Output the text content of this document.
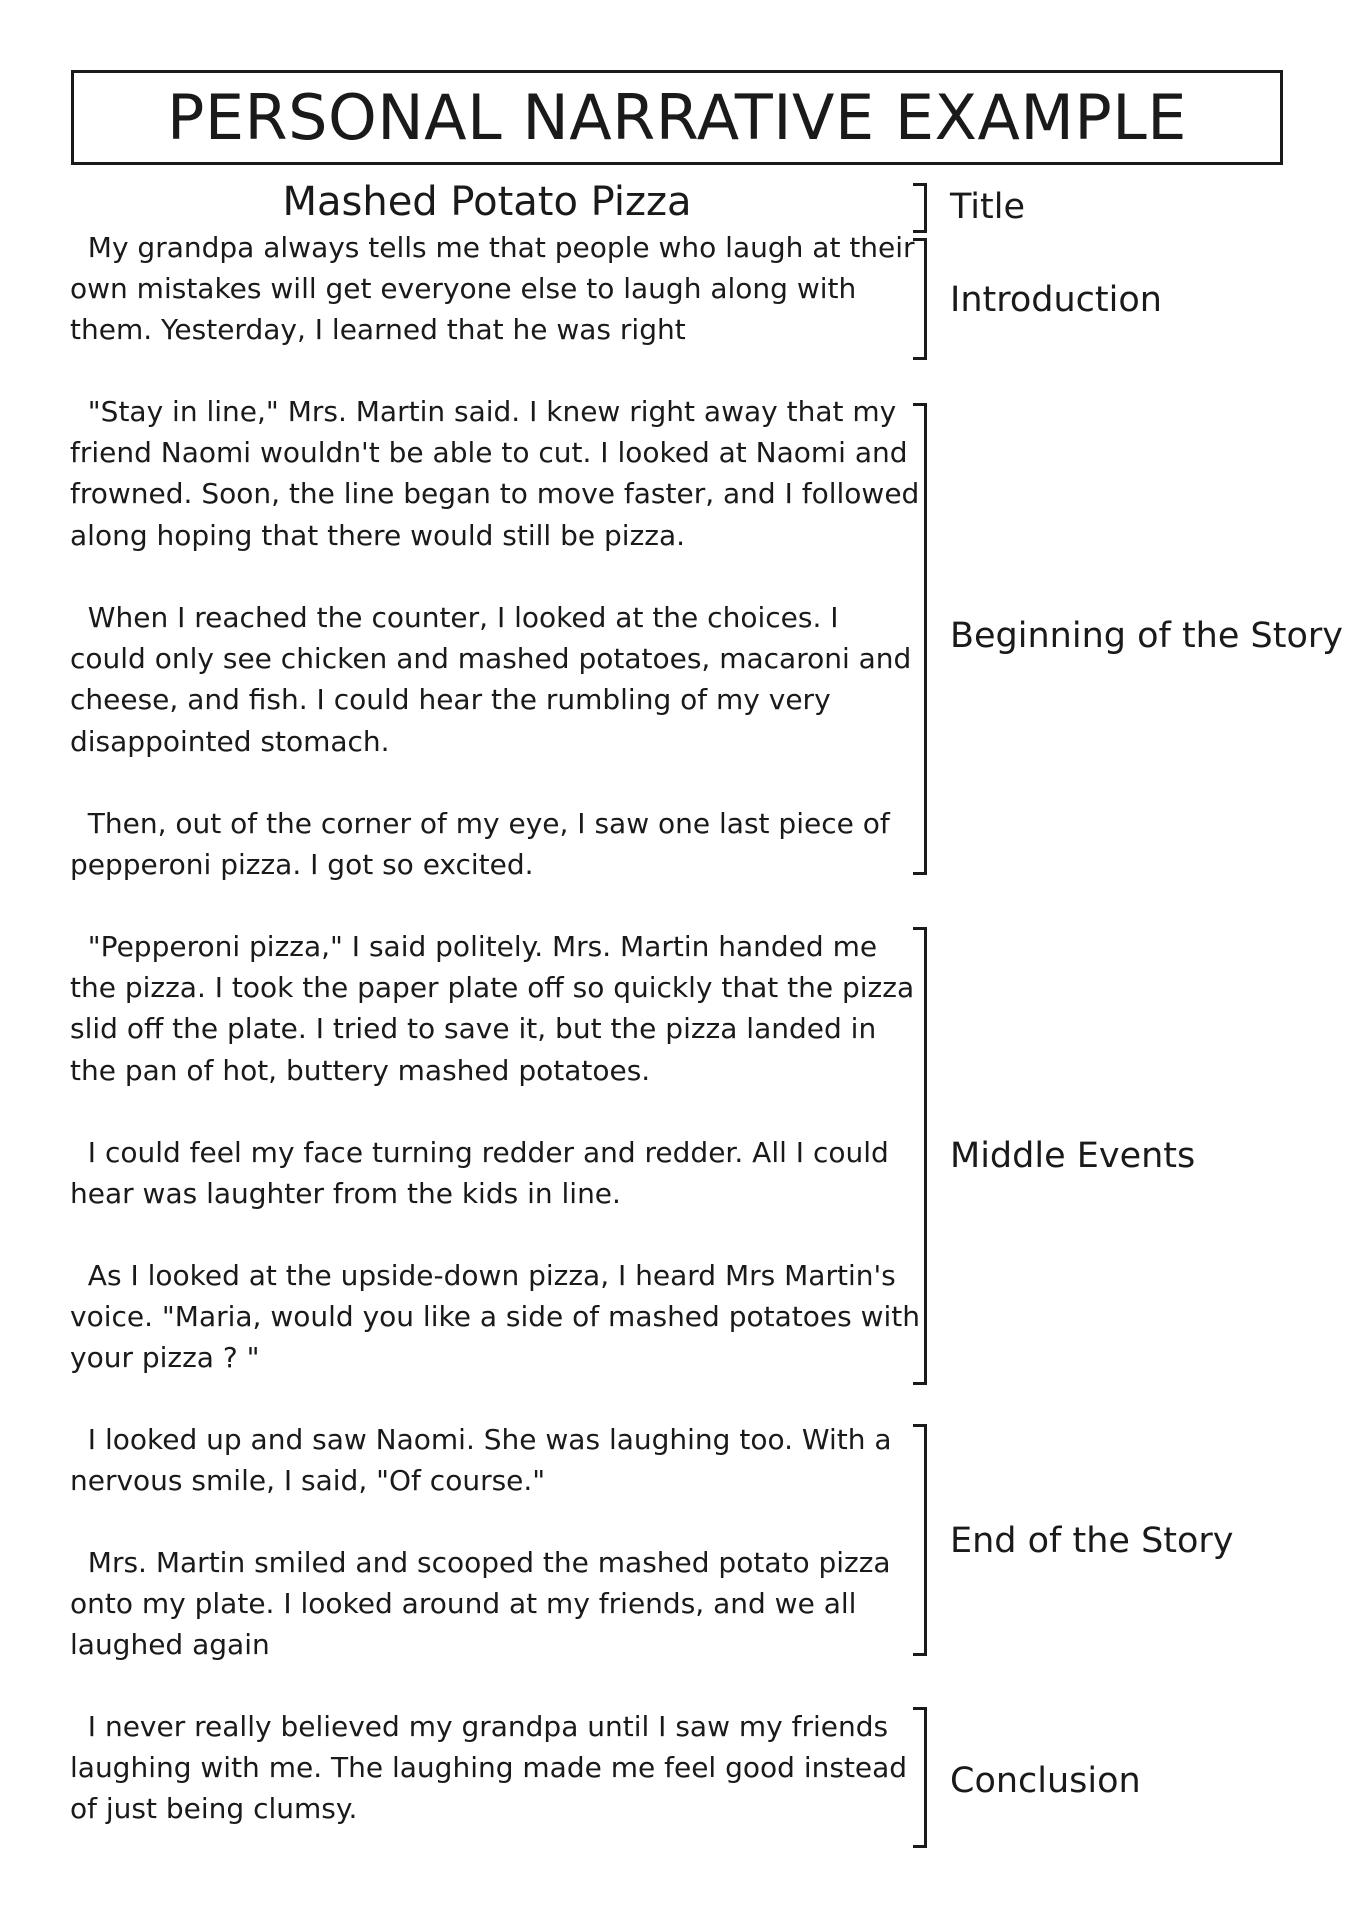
PERSONAL NARRATIVE EXAMPLE
Mashed Potato Pizza

My grandpa always tells me that people who laugh at their own mistakes will get everyone else to laugh along with them. Yesterday, I learned that he was right

"Stay in line," Mrs. Martin said. I knew right away that my friend Naomi wouldn't be able to cut. I looked at Naomi and frowned. Soon, the line began to move faster, and I followed along hoping that there would still be pizza.

When I reached the counter, I looked at the choices. I could only see chicken and mashed potatoes, macaroni and cheese, and fish. I could hear the rumbling of my very disappointed stomach.

Then, out of the corner of my eye, I saw one last piece of pepperoni pizza. I got so excited.

"Pepperoni pizza," I said politely. Mrs. Martin handed me the pizza. I took the paper plate off so quickly that the pizza slid off the plate. I tried to save it, but the pizza landed in the pan of hot, buttery mashed potatoes.

I could feel my face turning redder and redder. All I could hear was laughter from the kids in line.

As I looked at the upside-down pizza, I heard Mrs Martin's voice. "Maria, would you like a side of mashed potatoes with your pizza ? "

I looked up and saw Naomi. She was laughing too. With a nervous smile, I said, "Of course."

Mrs. Martin smiled and scooped the mashed potato pizza onto my plate. I looked around at my friends, and we all laughed again

I never really believed my grandpa until I saw my friends laughing with me. The laughing made me feel good instead of just being clumsy.

Title
Introduction
Beginning of the Story
Middle Events
End of the Story
Conclusion
